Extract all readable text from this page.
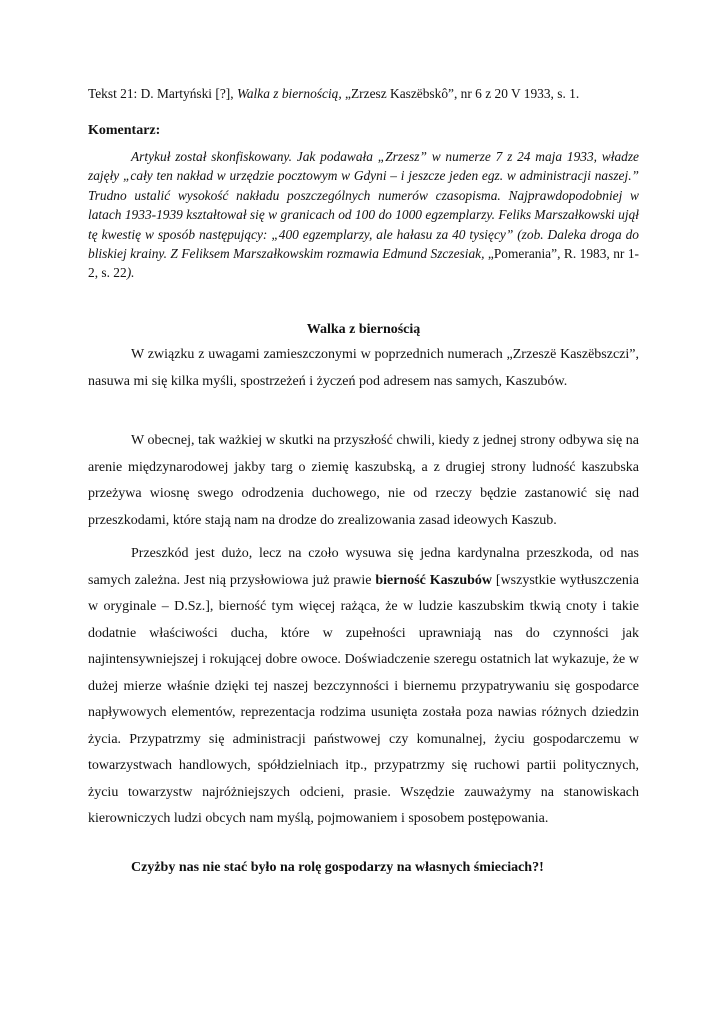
Tekst 21: D. Martyński [?], Walka z biernością, „Zrzesz Kaszëbskô”, nr 6 z 20 V 1933, s. 1.
Komentarz:
Artykuł został skonfiskowany. Jak podawała „Zrzesz” w numerze 7 z 24 maja 1933, władze zajęły „cały ten nakład w urzędzie pocztowym w Gdyni – i jeszcze jeden egz. w administracji naszej.” Trudno ustalić wysokość nakładu poszczególnych numerów czasopisma. Najprawdopodobniej w latach 1933-1939 kształtował się w granicach od 100 do 1000 egzemplarzy. Feliks Marszałkowski ujął tę kwestię w sposób następujący: „400 egzemplarzy, ale hałasu za 40 tysięcy” (zob. Daleka droga do bliskiej krainy. Z Feliksem Marszałkowskim rozmawia Edmund Szczesiak, „Pomerania”, R. 1983, nr 1-2, s. 22).
Walka z biernością
W związku z uwagami zamieszczonymi w poprzednich numerach „Zrzeszë Kaszëbszczi”, nasuwa mi się kilka myśli, spostrzeżeń i życzeń pod adresem nas samych, Kaszubów.
W obecnej, tak ważkiej w skutki na przyszłość chwili, kiedy z jednej strony odbywa się na arenie międzynarodowej jakby targ o ziemię kaszubską, a z drugiej strony ludność kaszubska przeżywa wiosnę swego odrodzenia duchowego, nie od rzeczy będzie zastanowić się nad przeszkodami, które stają nam na drodze do zrealizowania zasad ideowych Kaszub.
Przeszkód jest dużo, lecz na czoło wysuwa się jedna kardynalna przeszkoda, od nas samych zależna. Jest nią przysłowiowa już prawie bierność Kaszubów [wszystkie wytłuszczenia w oryginale – D.Sz.], bierność tym więcej rażąca, że w ludzie kaszubskim tkwią cnoty i takie dodatnie właściwości ducha, które w zupełności uprawniają nas do czynności jak najintensywniejszej i rokującej dobre owoce. Doświadczenie szeregu ostatnich lat wykazuje, że w dużej mierze właśnie dzięki tej naszej bezczynności i biernemu przypatrywaniu się gospodarce napływowych elementów, reprezentacja rodzima usunięta została poza nawias różnych dziedzin życia. Przypatrzmy się administracji państwowej czy komunalnej, życiu gospodarczemu w towarzystwach handlowych, spółdzielniach itp., przypatrzmy się ruchowi partii politycznych, życiu towarzystw najróżniejszych odcieni, prasie. Wszędzie zauważymy na stanowiskach kierowniczych ludzi obcych nam myślą, pojmowaniem i sposobem postępowania.
Czyżby nas nie stać było na rolę gospodarzy na własnych śmieciach?!
